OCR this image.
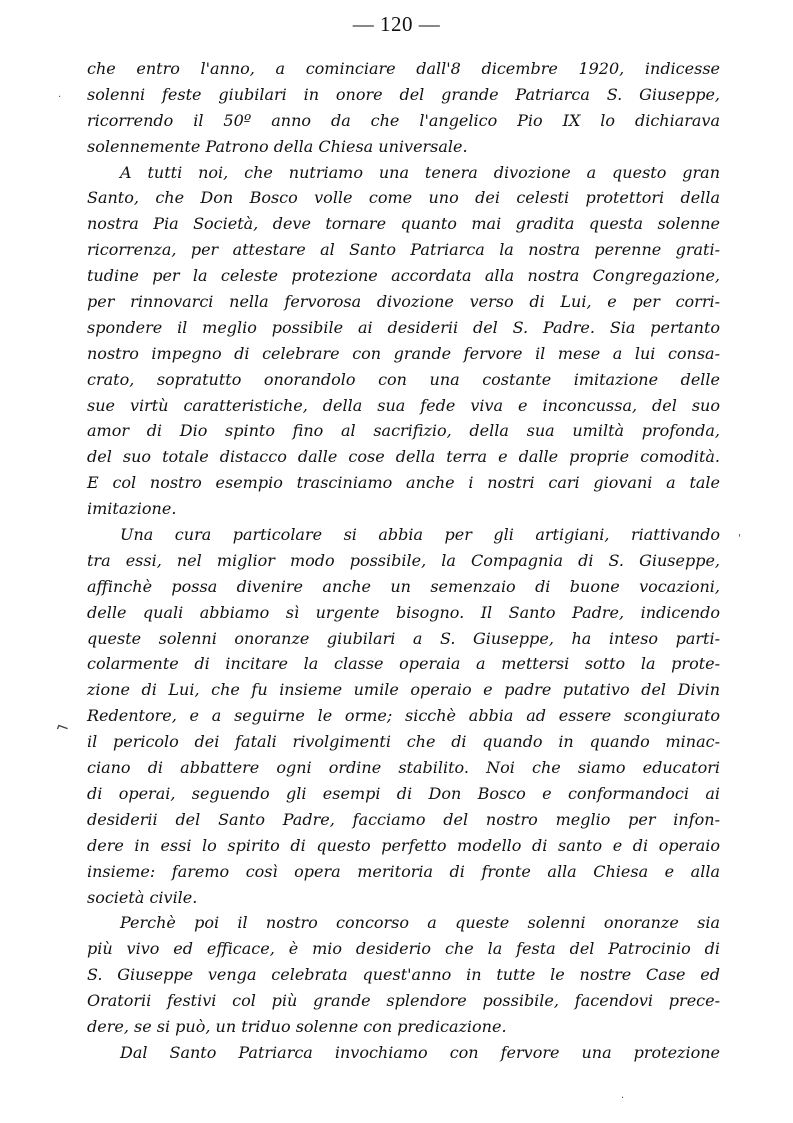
— 120 —
che entro l'anno, a cominciare dall'8 dicembre 1920, indicesse
solenni feste giubilari in onore del grande Patriarca S. Giuseppe,
ricorrendo il 50º anno da che l'angelico Pio IX lo dichiarava
solennemente Patrono della Chiesa universale.
A tutti noi, che nutriamo una tenera divozione a questo gran
Santo, che Don Bosco volle come uno dei celesti protettori della
nostra Pia Società, deve tornare quanto mai gradita questa solenne
ricorrenza, per attestare al Santo Patriarca la nostra perenne grati-
tudine per la celeste protezione accordata alla nostra Congregazione,
per rinnovarci nella fervorosa divozione verso di Lui, e per corri-
spondere il meglio possibile ai desiderii del S. Padre. Sia pertanto
nostro impegno di celebrare con grande fervore il mese a lui consa-
crato, sopratutto onorandolo con una costante imitazione delle
sue virtù caratteristiche, della sua fede viva e inconcussa, del suo
amor di Dio spinto fino al sacrifizio, della sua umiltà profonda,
del suo totale distacco dalle cose della terra e dalle proprie comodità.
E col nostro esempio trasciniamo anche i nostri cari giovani a tale
imitazione.
Una cura particolare si abbia per gli artigiani, riattivando
tra essi, nel miglior modo possibile, la Compagnia di S. Giuseppe,
affinchè possa divenire anche un semenzaio di buone vocazioni,
delle quali abbiamo sì urgente bisogno. Il Santo Padre, indicendo
queste solenni onoranze giubilari a S. Giuseppe, ha inteso parti-
colarmente di incitare la classe operaia a mettersi sotto la prote-
zione di Lui, che fu insieme umile operaio e padre putativo del Divin
Redentore, e a seguirne le orme; sicchè abbia ad essere scongiurato
il pericolo dei fatali rivolgimenti che di quando in quando minac-
ciano di abbattere ogni ordine stabilito. Noi che siamo educatori
di operai, seguendo gli esempi di Don Bosco e conformandoci ai
desiderii del Santo Padre, facciamo del nostro meglio per infon-
dere in essi lo spirito di questo perfetto modello di santo e di operaio
insieme: faremo così opera meritoria di fronte alla Chiesa e alla
società civile.
Perchè poi il nostro concorso a queste solenni onoranze sia
più vivo ed efficace, è mio desiderio che la festa del Patrocinio di
S. Giuseppe venga celebrata quest'anno in tutte le nostre Case ed
Oratorii festivi col più grande splendore possibile, facendovi prece-
dere, se si può, un triduo solenne con predicazione.
Dal Santo Patriarca invochiamo con fervore una protezione
·
⌐
'
·
